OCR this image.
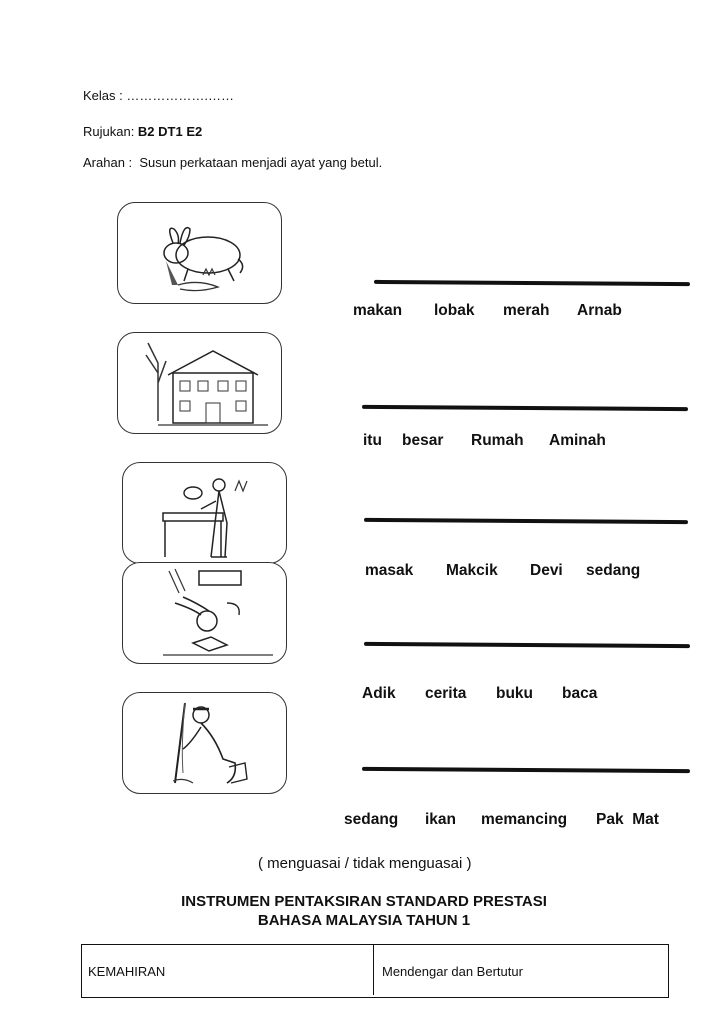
Kelas : ……………….……
Rujukan: B2 DT1 E2
Arahan : Susun perkataan menjadi ayat yang betul.
makan lobak merah Arnab
itu besar Rumah Aminah
masak Makcik Devi sedang
Adik cerita buku baca
sedang ikan memancing Pak  Mat
( menguasai / tidak menguasai )
INSTRUMEN PENTAKSIRAN STANDARD PRESTASI
BAHASA MALAYSIA TAHUN 1
KEMAHIRAN	Mendengar dan Bertutur
